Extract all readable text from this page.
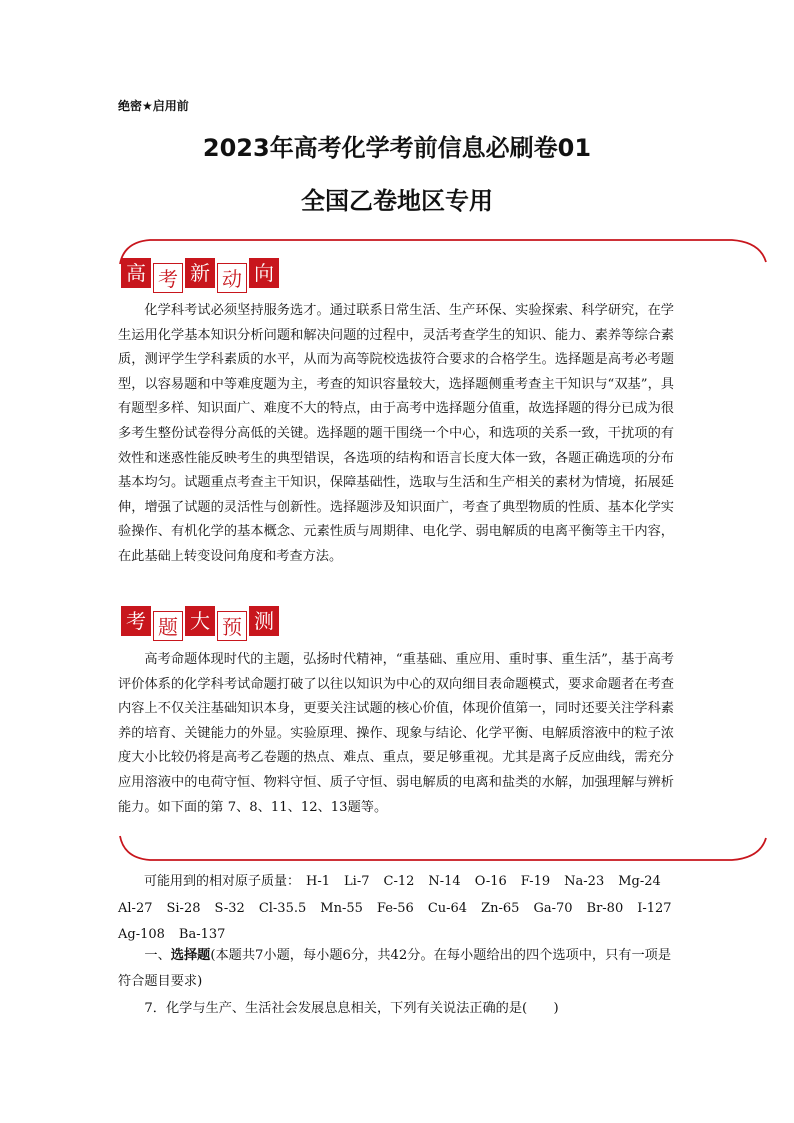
绝密★启用前
2023年高考化学考前信息必刷卷01
全国乙卷地区专用
高 考 新 动 向

化学科考试必须坚持服务选才。通过联系日常生活、生产环保、实验探索、科学研究，在学生运用化学基本知识分析问题和解决问题的过程中，灵活考查学生的知识、能力、素养等综合素质，测评学生学科素质的水平，从而为高等院校选拔符合要求的合格学生。选择题是高考必考题型，以容易题和中等难度题为主，考查的知识容量较大，选择题侧重考查主干知识与“双基”，具有题型多样、知识面广、难度不大的特点，由于高考中选择题分值重，故选择题的得分已成为很多考生整份试卷得分高低的关键。选择题的题干围绕一个中心，和选项的关系一致，干扰项的有效性和迷惑性能反映考生的典型错误，各选项的结构和语言长度大体一致，各题正确选项的分布基本均匀。试题重点考查主干知识，保障基础性，选取与生活和生产相关的素材为情境，拓展延伸，增强了试题的灵活性与创新性。选择题涉及知识面广，考查了典型物质的性质、基本化学实验操作、有机化学的基本概念、元素性质与周期律、电化学、弱电解质的电离平衡等主干内容，在此基础上转变设问角度和考查方法。

考 题 大 预 测

高考命题体现时代的主题，弘扬时代精神，“重基础、重应用、重时事、重生活”，基于高考评价体系的化学科考试命题打破了以往以知识为中心的双向细目表命题模式，要求命题者在考查内容上不仅关注基础知识本身，更要关注试题的核心价值，体现价值第一，同时还要关注学科素养的培育、关键能力的外显。实验原理、操作、现象与结论、化学平衡、电解质溶液中的粒子浓度大小比较仍将是高考乙卷题的热点、难点、重点，要足够重视。尤其是离子反应曲线，需充分应用溶液中的电荷守恒、物料守恒、质子守恒、弱电解质的电离和盐类的水解，加强理解与辨析能力。如下面的第 7、8、11、12、13题等。

可能用到的相对原子质量： H-1 Li-7 C-12 N-14 O-16 F-19 Na-23 Mg-24
Al-27 Si-28 S-32 Cl-35.5 Mn-55 Fe-56 Cu-64 Zn-65 Ga-70 Br-80 I-127
Ag-108 Ba-137

一、选择题(本题共7小题，每小题6分，共42分。在每小题给出的四个选项中，只有一项是符合题目要求)

7．化学与生产、生活社会发展息息相关，下列有关说法正确的是(　　)
